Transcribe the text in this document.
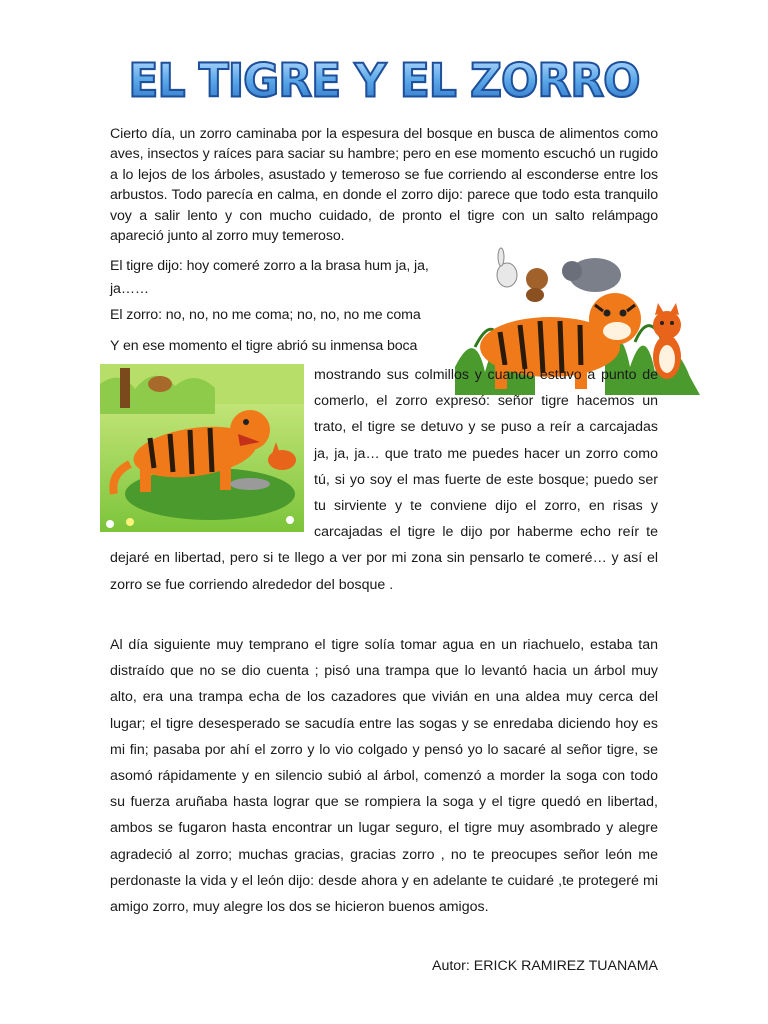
EL TIGRE Y EL ZORRO

Cierto día, un zorro caminaba por la espesura del bosque en busca de alimentos como aves, insectos y raíces para saciar su hambre; pero en ese momento escuchó un rugido a lo lejos de los árboles, asustado y temeroso se fue corriendo al esconderse entre los arbustos. Todo parecía en calma, en donde el zorro dijo: parece que todo esta tranquilo voy a salir lento y con mucho cuidado, de pronto el tigre con un salto relámpago apareció junto al zorro muy temeroso.

El tigre dijo: hoy comeré zorro a la brasa hum ja, ja, ja……

El zorro: no, no, no me coma; no, no, no me coma

Y en ese momento el tigre abrió su inmensa boca

mostrando sus colmillos y cuando estuvo a punto de comerlo, el zorro expresó: señor tigre hacemos un trato, el tigre se detuvo y se puso a reír a carcajadas ja, ja, ja… que trato me puedes hacer un zorro como tú, si yo soy el mas fuerte de este bosque; puedo ser tu sirviente y te conviene dijo el zorro, en risas y carcajadas el tigre le dijo por haberme echo reír te dejaré en libertad, pero si te llego a ver por mi zona sin pensarlo te comeré… y así el zorro se fue corriendo alrededor del bosque .

Al día siguiente muy temprano el tigre solía tomar agua en un riachuelo, estaba tan distraído que no se dio cuenta ; pisó una trampa que lo levantó hacia un árbol muy alto, era una trampa echa de los cazadores que vivián en una aldea muy cerca del lugar; el tigre desesperado se sacudía entre las sogas y se enredaba diciendo hoy es mi fin; pasaba por ahí el zorro y lo vio colgado y pensó yo lo sacaré al señor tigre, se asomó rápidamente y en silencio subió al árbol, comenzó a morder la soga con todo su fuerza aruñaba hasta lograr que se rompiera la soga y el tigre quedó en libertad, ambos se fugaron hasta encontrar un lugar seguro, el tigre muy asombrado y alegre agradeció al zorro; muchas gracias, gracias zorro , no te preocupes señor león me perdonaste la vida y el león dijo: desde ahora y en adelante te cuidaré ,te protegeré mi amigo zorro, muy alegre los dos se hicieron buenos amigos.

Autor: ERICK RAMIREZ TUANAMA
